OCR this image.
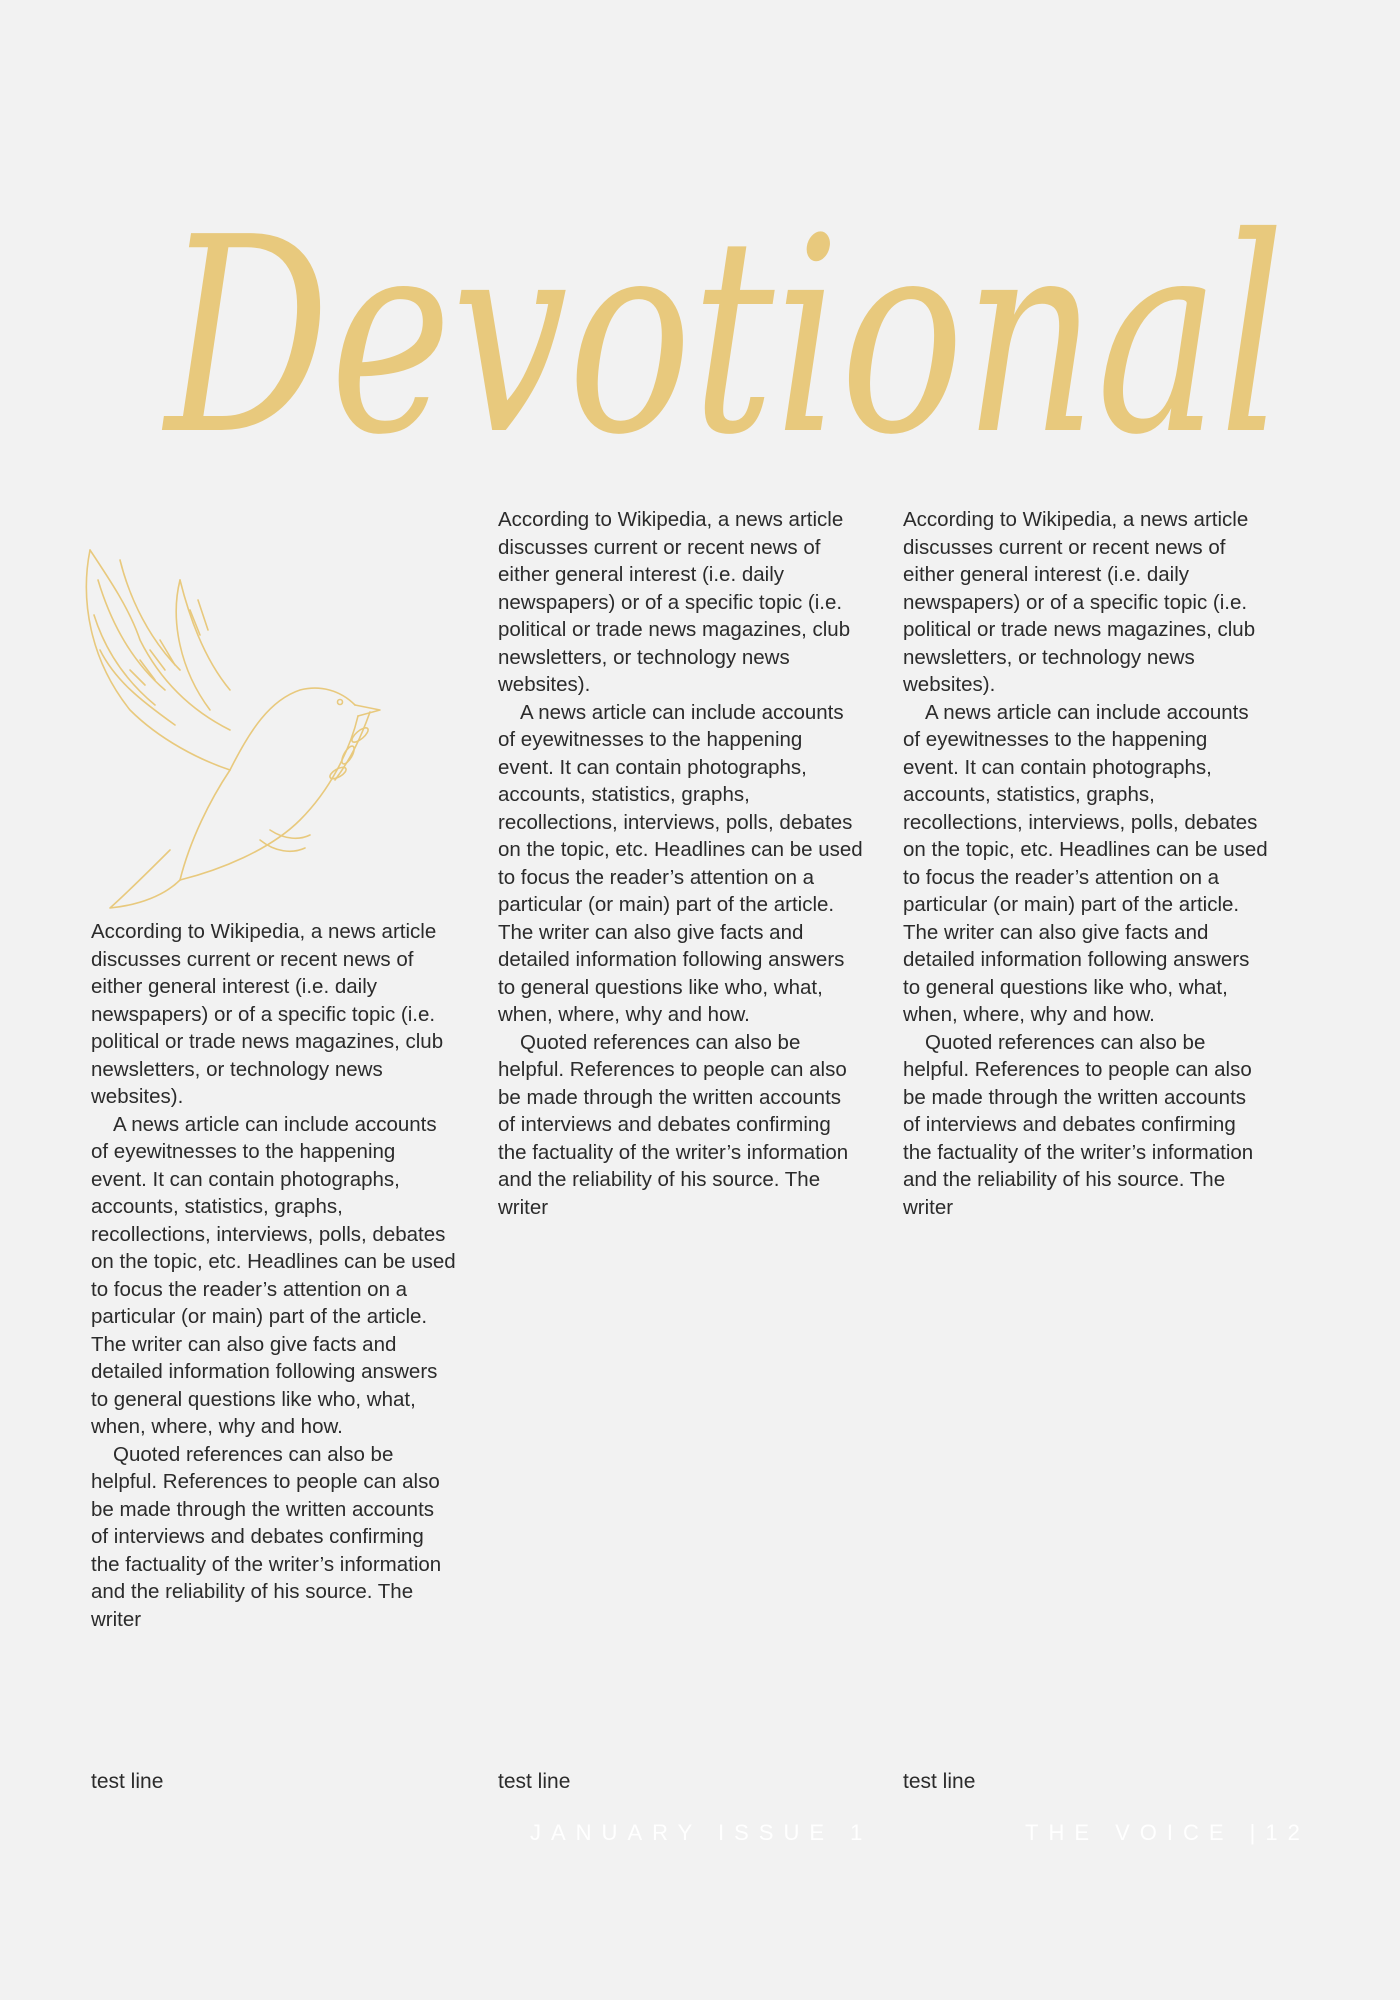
Devotional

According to Wikipedia, a news article discusses current or recent news of either general interest (i.e. daily newspapers) or of a specific topic (i.e. political or trade news magazines, club newsletters, or technology news websites).

A news article can include accounts of eyewitnesses to the happening event. It can contain photographs, accounts, statistics, graphs, recollections, interviews, polls, debates on the topic, etc. Headlines can be used to focus the reader’s attention on a particular (or main) part of the article. The writer can also give facts and detailed information following answers to general questions like who, what, when, where, why and how.

Quoted references can also be helpful. References to people can also be made through the written accounts of interviews and debates confirming the factuality of the writer’s information and the reliability of his source. The writer

According to Wikipedia, a news article discusses current or recent news of either general interest (i.e. daily newspapers) or of a specific topic (i.e. political or trade news magazines, club newsletters, or technology news websites).

A news article can include accounts of eyewitnesses to the happening event. It can contain photographs, accounts, statistics, graphs, recollections, interviews, polls, debates on the topic, etc. Headlines can be used to focus the reader’s attention on a particular (or main) part of the article. The writer can also give facts and detailed information following answers to general questions like who, what, when, where, why and how.

Quoted references can also be helpful. References to people can also be made through the written accounts of interviews and debates confirming the factuality of the writer’s information and the reliability of his source. The writer

According to Wikipedia, a news article discusses current or recent news of either general interest (i.e. daily newspapers) or of a specific topic (i.e. political or trade news magazines, club newsletters, or technology news websites).

A news article can include accounts of eyewitnesses to the happening event. It can contain photographs, accounts, statistics, graphs, recollections, interviews, polls, debates on the topic, etc. Headlines can be used to focus the reader’s attention on a particular (or main) part of the article. The writer can also give facts and detailed information following answers to general questions like who, what, when, where, why and how.

Quoted references can also be helpful. References to people can also be made through the written accounts of interviews and debates confirming the factuality of the writer’s information and the reliability of his source. The writer

test line	test line	test line
JANUARY ISSUE 1	THE VOICE |12
